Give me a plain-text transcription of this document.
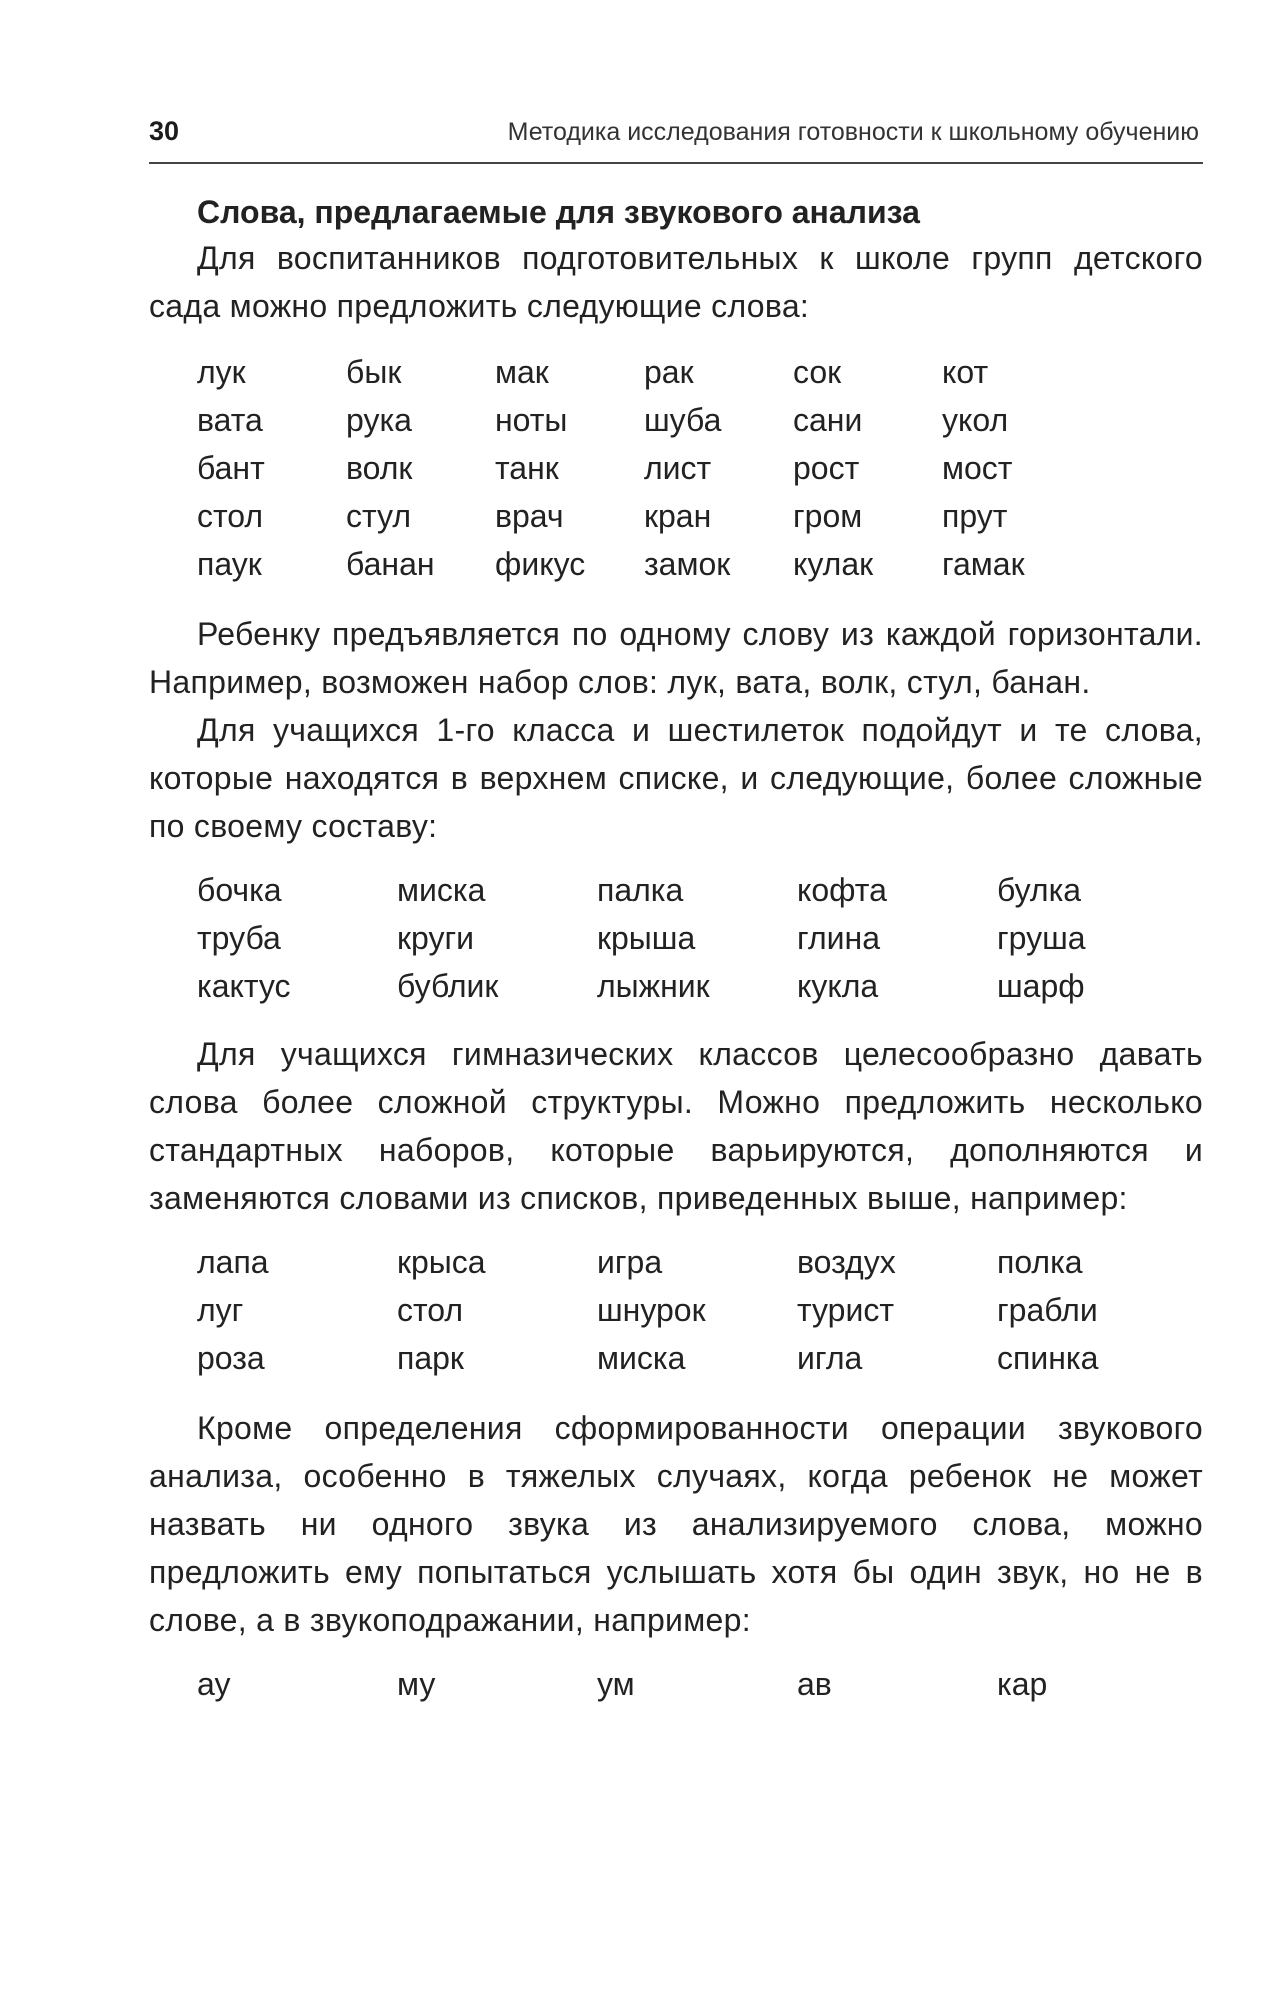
30	Методика исследования готовности к школьному обучению
Слова, предлагаемые для звукового анализа

Для воспитанников подготовительных к школе групп детского сада можно предложить следующие слова:

лук	бык	мак	рак	сок	кот
вата	рука	ноты	шуба	сани	укол
бант	волк	танк	лист	рост	мост
стол	стул	врач	кран	гром	прут
паук	банан	фикус	замок	кулак	гамак

Ребенку предъявляется по одному слову из каждой горизонтали. Например, возможен набор слов: лук, вата, волк, стул, банан.

Для учащихся 1-го класса и шестилеток подойдут и те слова, которые находятся в верхнем списке, и следующие, более сложные по своему составу:

бочка	миска	палка	кофта	булка
труба	круги	крыша	глина	груша
кактус	бублик	лыжник	кукла	шарф

Для учащихся гимназических классов целесообразно давать слова более сложной структуры. Можно предложить несколько стандартных наборов, которые варьируются, дополняются и заменяются словами из списков, приведенных выше, например:

лапа	крыса	игра	воздух	полка
луг	стол	шнурок	турист	грабли
роза	парк	миска	игла	спинка

Кроме определения сформированности операции звукового анализа, особенно в тяжелых случаях, когда ребенок не может назвать ни одного звука из анализируемого слова, можно предложить ему попытаться услышать хотя бы один звук, но не в слове, а в звукоподражании, например:

ау	му	ум	ав	кар
